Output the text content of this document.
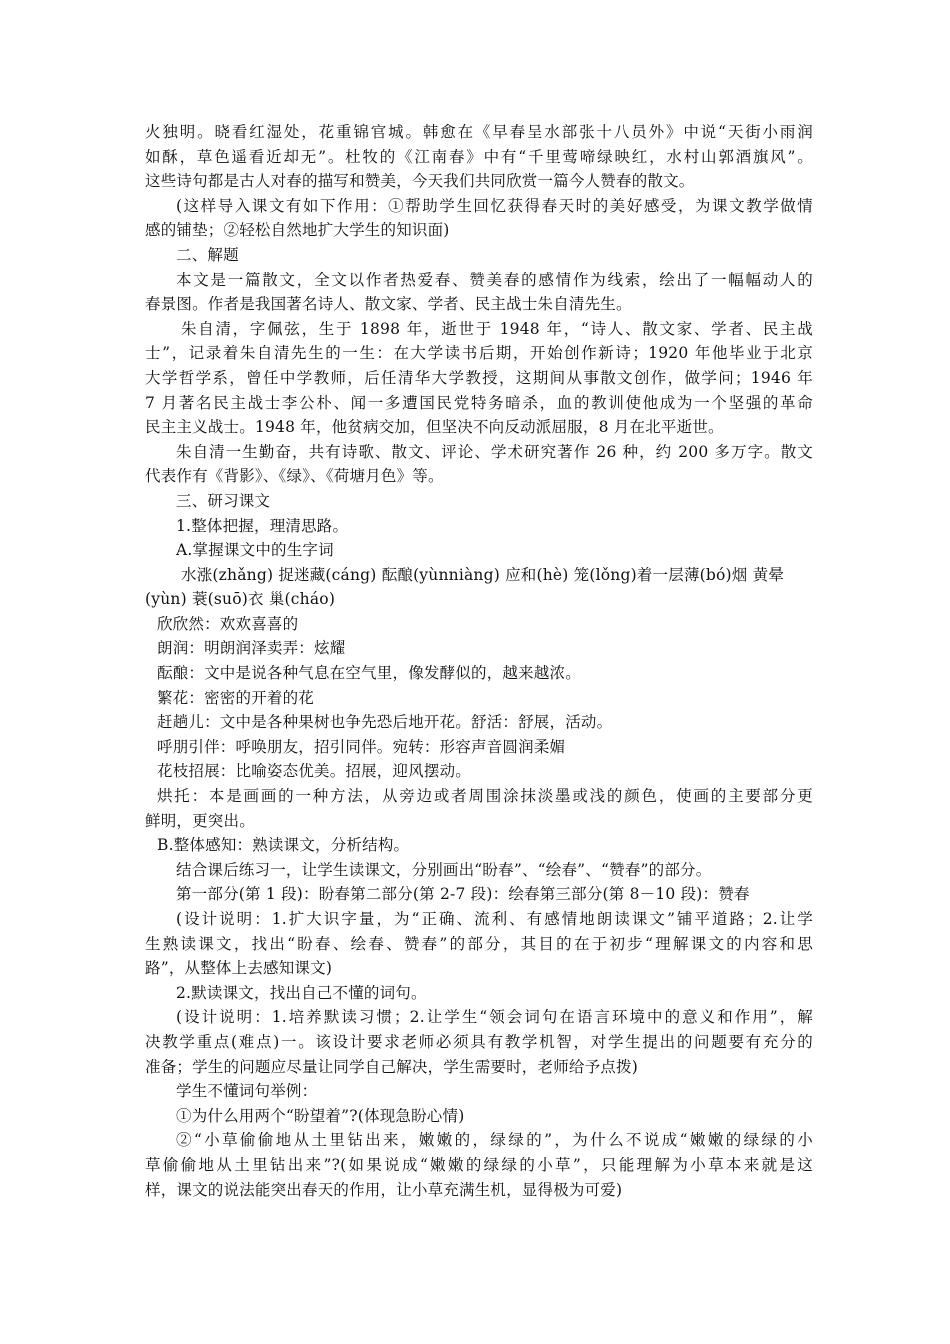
火独明。晓看红湿处，花重锦官城。韩愈在《早春呈水部张十八员外》中说“天街小雨润
如酥，草色遥看近却无”。杜牧的《江南春》中有“千里莺啼绿映红，水村山郭酒旗风”。
这些诗句都是古人对春的描写和赞美，今天我们共同欣赏一篇今人赞春的散文。
(这样导入课文有如下作用：①帮助学生回忆获得春天时的美好感受，为课文教学做情
感的铺垫；②轻松自然地扩大学生的知识面)
二、解题
本文是一篇散文，全文以作者热爱春、赞美春的感情作为线索，绘出了一幅幅动人的
春景图。作者是我国著名诗人、散文家、学者、民主战士朱自清先生。
朱自清，字佩弦，生于 1898 年，逝世于 1948 年，“诗人、散文家、学者、民主战
士”，记录着朱自清先生的一生：在大学读书后期，开始创作新诗；1920 年他毕业于北京
大学哲学系，曾任中学教师，后任清华大学教授，这期间从事散文创作，做学问；1946 年
7 月著名民主战士李公朴、闻一多遭国民党特务暗杀，血的教训使他成为一个坚强的革命
民主主义战士。1948 年，他贫病交加，但坚决不向反动派屈服，8 月在北平逝世。
朱自清一生勤奋，共有诗歌、散文、评论、学术研究著作 26 种，约 200 多万字。散文
代表作有《背影》、《绿》、《荷塘月色》等。
三、研习课文
1.整体把握，理清思路。
A.掌握课文中的生字词
水涨(zhǎng) 捉迷藏(cáng) 酝酿(yùnniàng) 应和(hè) 笼(lǒng)着一层薄(bó)烟 黄晕
(yùn) 蓑(suō)衣 巢(cháo)
欣欣然：欢欢喜喜的
朗润：明朗润泽卖弄：炫耀
酝酿：文中是说各种气息在空气里，像发酵似的，越来越浓。
繁花：密密的开着的花
赶趟儿：文中是各种果树也争先恐后地开花。舒活：舒展，活动。
呼朋引伴：呼唤朋友，招引同伴。宛转：形容声音圆润柔媚
花枝招展：比喻姿态优美。招展，迎风摆动。
烘托：本是画画的一种方法，从旁边或者周围涂抹淡墨或浅的颜色，使画的主要部分更
鲜明，更突出。
B.整体感知：熟读课文，分析结构。
结合课后练习一，让学生读课文，分别画出“盼春”、“绘春”、“赞春”的部分。
第一部分(第 1 段)：盼春第二部分(第 2-7 段)：绘春第三部分(第 8－10 段)：赞春
(设计说明：1.扩大识字量，为“正确、流利、有感情地朗读课文”铺平道路；2.让学
生熟读课文，找出“盼春、绘春、赞春”的部分，其目的在于初步“理解课文的内容和思
路”，从整体上去感知课文)
2.默读课文，找出自己不懂的词句。
(设计说明：1.培养默读习惯；2.让学生“领会词句在语言环境中的意义和作用”，解
决教学重点(难点)一。该设计要求老师必须具有教学机智，对学生提出的问题要有充分的
准备；学生的问题应尽量让同学自己解决，学生需要时，老师给予点拨)
学生不懂词句举例：
①为什么用两个“盼望着”?(体现急盼心情)
②“小草偷偷地从土里钻出来，嫩嫩的，绿绿的”，为什么不说成“嫩嫩的绿绿的小
草偷偷地从土里钻出来”?(如果说成“嫩嫩的绿绿的小草”，只能理解为小草本来就是这
样，课文的说法能突出春天的作用，让小草充满生机，显得极为可爱)
